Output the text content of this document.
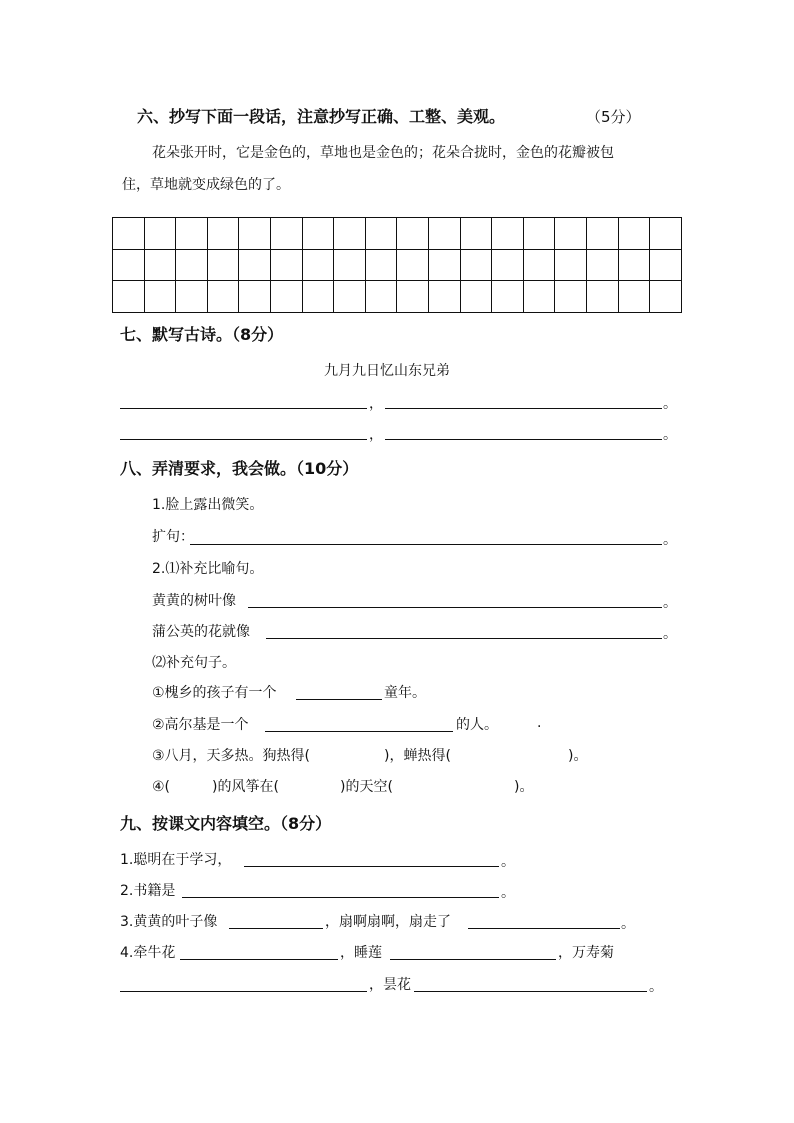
六、抄写下面一段话，注意抄写正确、工整、美观。	（5分）
花朵张开时，它是金色的，草地也是金色的；花朵合拢时，金色的花瓣被包
住，草地就变成绿色的了。
七、默写古诗。（8分）
九月九日忆山东兄弟
，	。
，	。
八、弄清要求，我会做。（10分）
1.脸上露出微笑。
扩句：	。
2.⑴补充比喻句。
黄黄的树叶像	。
蒲公英的花就像	。
⑵补充句子。
①槐乡的孩子有一个	童年。
②高尔基是一个	的人。	.
③八月，天多热。狗热得(	)，蝉热得(	)。
④(	)的风筝在(	)的天空(	)。
九、按课文内容填空。（8分）
1.聪明在于学习，	。
2.书籍是	。
3.黄黄的叶子像	，扇啊扇啊，扇走了	。
4.牵牛花	，睡莲	，万寿菊
，昙花	。
